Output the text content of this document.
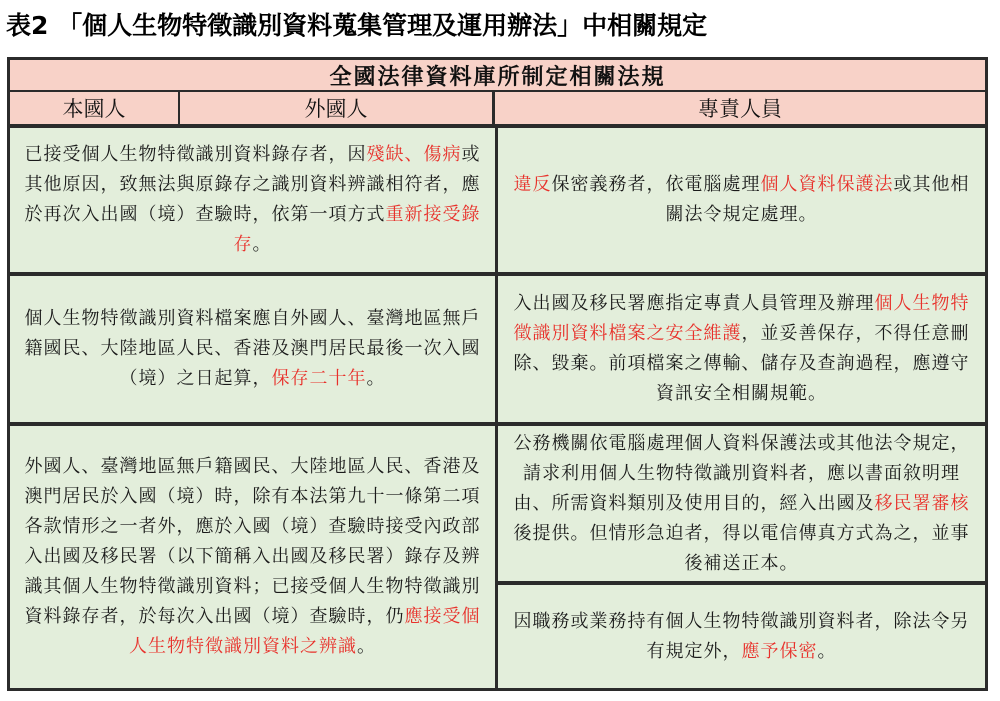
表2 「個人生物特徵識別資料蒐集管理及運用辦法」中相關規定
全國法律資料庫所制定相關法規
本國人	外國人	專責人員

已接受個人生物特徵識別資料錄存者，因殘缺、傷病或其他原因，致無法與原錄存之識別資料辨識相符者，應於再次入出國（境）查驗時，依第一項方式重新接受錄存。

個人生物特徵識別資料檔案應自外國人、臺灣地區無戶籍國民、大陸地區人民、香港及澳門居民最後一次入國（境）之日起算，保存二十年。

外國人、臺灣地區無戶籍國民、大陸地區人民、香港及澳門居民於入國（境）時，除有本法第九十一條第二項各款情形之一者外，應於入國（境）查驗時接受內政部入出國及移民署（以下簡稱入出國及移民署）錄存及辨識其個人生物特徵識別資料；已接受個人生物特徵識別資料錄存者，於每次入出國（境）查驗時，仍應接受個人生物特徵識別資料之辨識。

違反保密義務者，依電腦處理個人資料保護法或其他相關法令規定處理。

入出國及移民署應指定專責人員管理及辦理個人生物特徵識別資料檔案之安全維護，並妥善保存，不得任意刪除、毀棄。前項檔案之傳輸、儲存及查詢過程，應遵守資訊安全相關規範。

公務機關依電腦處理個人資料保護法或其他法令規定，請求利用個人生物特徵識別資料者，應以書面敘明理由、所需資料類別及使用目的，經入出國及移民署審核後提供。但情形急迫者，得以電信傳真方式為之，並事後補送正本。

因職務或業務持有個人生物特徵識別資料者，除法令另有規定外，應予保密。
